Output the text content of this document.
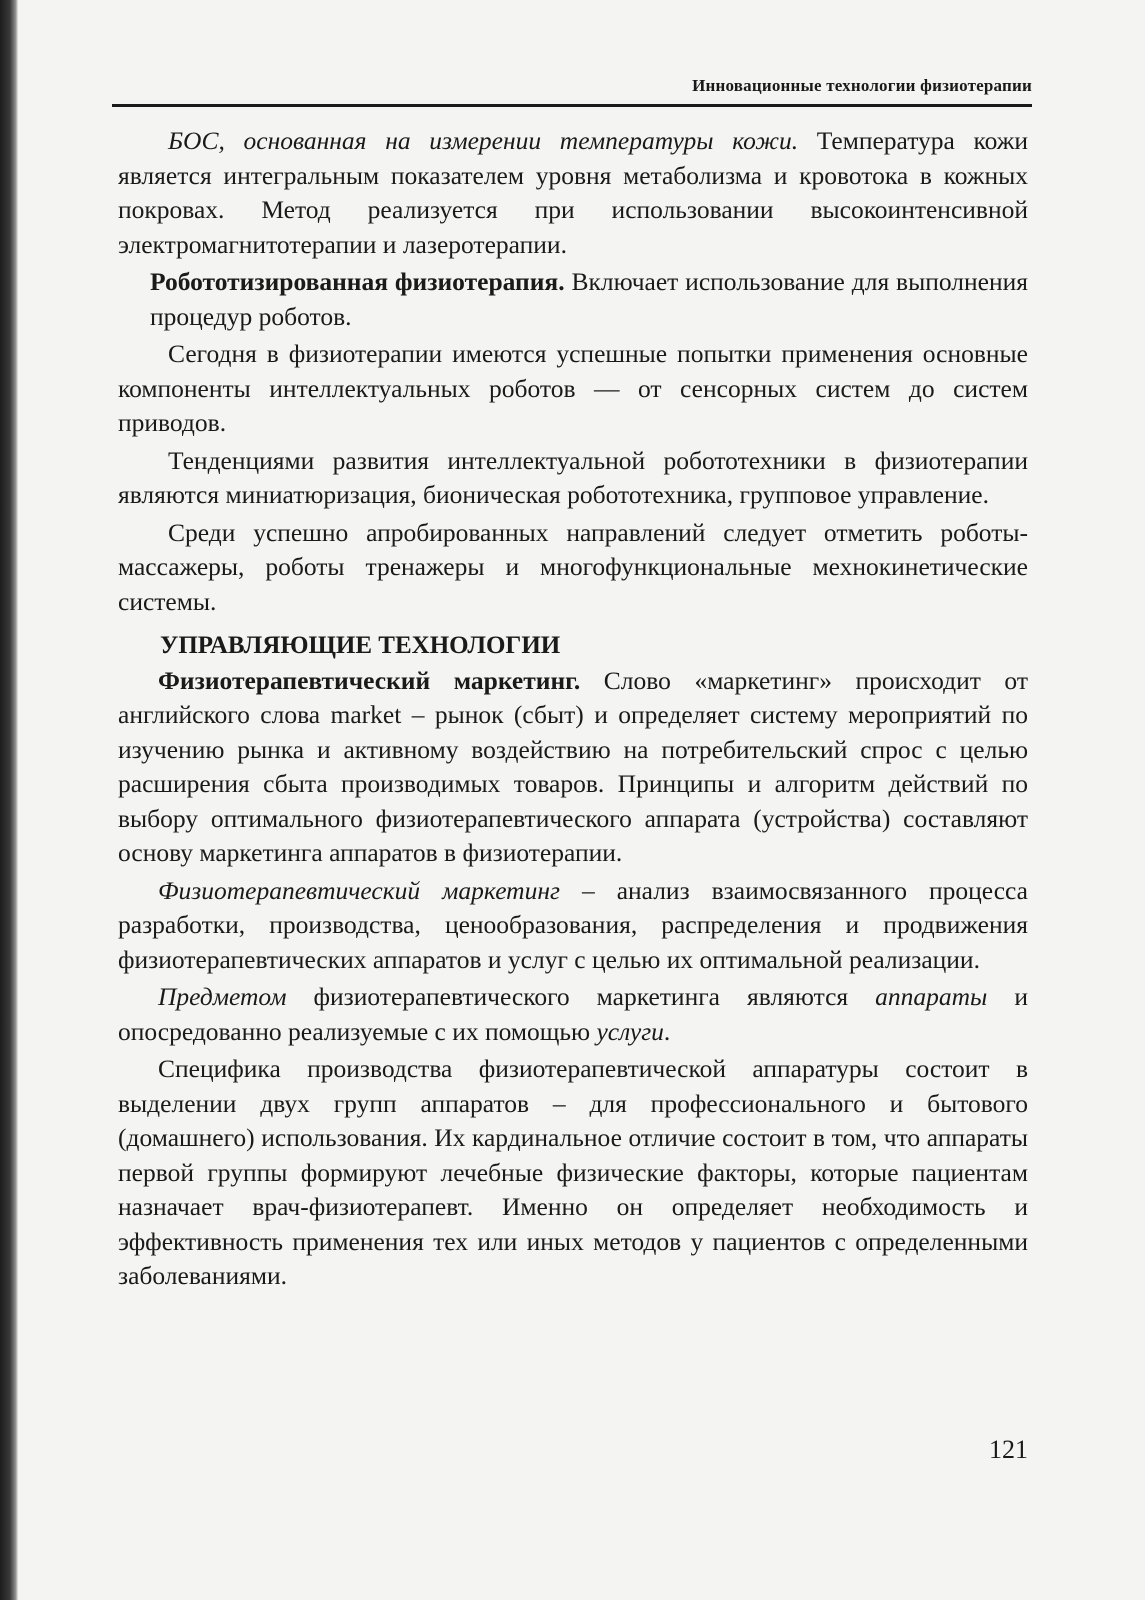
Инновационные технологии физиотерапии

БОС, основанная на измерении температуры кожи. Температура кожи является интегральным показателем уровня метаболизма и кровотока в кожных покровах. Метод реализуется при использовании высокоинтенсивной электромагнитотерапии и лазеротерапии.

Робототизированная физиотерапия. Включает использование для выполнения процедур роботов.

Сегодня в физиотерапии имеются успешные попытки применения основные компоненты интеллектуальных роботов — от сенсорных систем до систем приводов.

Тенденциями развития интеллектуальной робототехники в физиотерапии являются миниатюризация, бионическая робототехника, групповое управление.

Среди успешно апробированных направлений следует отметить роботы-массажеры, роботы тренажеры и многофункциональные мехнокинетические системы.

УПРАВЛЯЮЩИЕ ТЕХНОЛОГИИ

Физиотерапевтический маркетинг. Слово «маркетинг» происходит от английского слова market – рынок (сбыт) и определяет систему мероприятий по изучению рынка и активному воздействию на потребительский спрос с целью расширения сбыта производимых товаров. Принципы и алгоритм действий по выбору оптимального физиотерапевтического аппарата (устройства) составляют основу маркетинга аппаратов в физиотерапии.

Физиотерапевтический маркетинг – анализ взаимосвязанного процесса разработки, производства, ценообразования, распределения и продвижения физиотерапевтических аппаратов и услуг с целью их оптимальной реализации.

Предметом физиотерапевтического маркетинга являются аппараты и опосредованно реализуемые с их помощью услуги.

Специфика производства физиотерапевтической аппаратуры состоит в выделении двух групп аппаратов – для профессионального и бытового (домашнего) использования. Их кардинальное отличие состоит в том, что аппараты первой группы формируют лечебные физические факторы, которые пациентам назначает врач-физиотерапевт. Именно он определяет необходимость и эффективность применения тех или иных методов у пациентов с определенными заболеваниями.

121
